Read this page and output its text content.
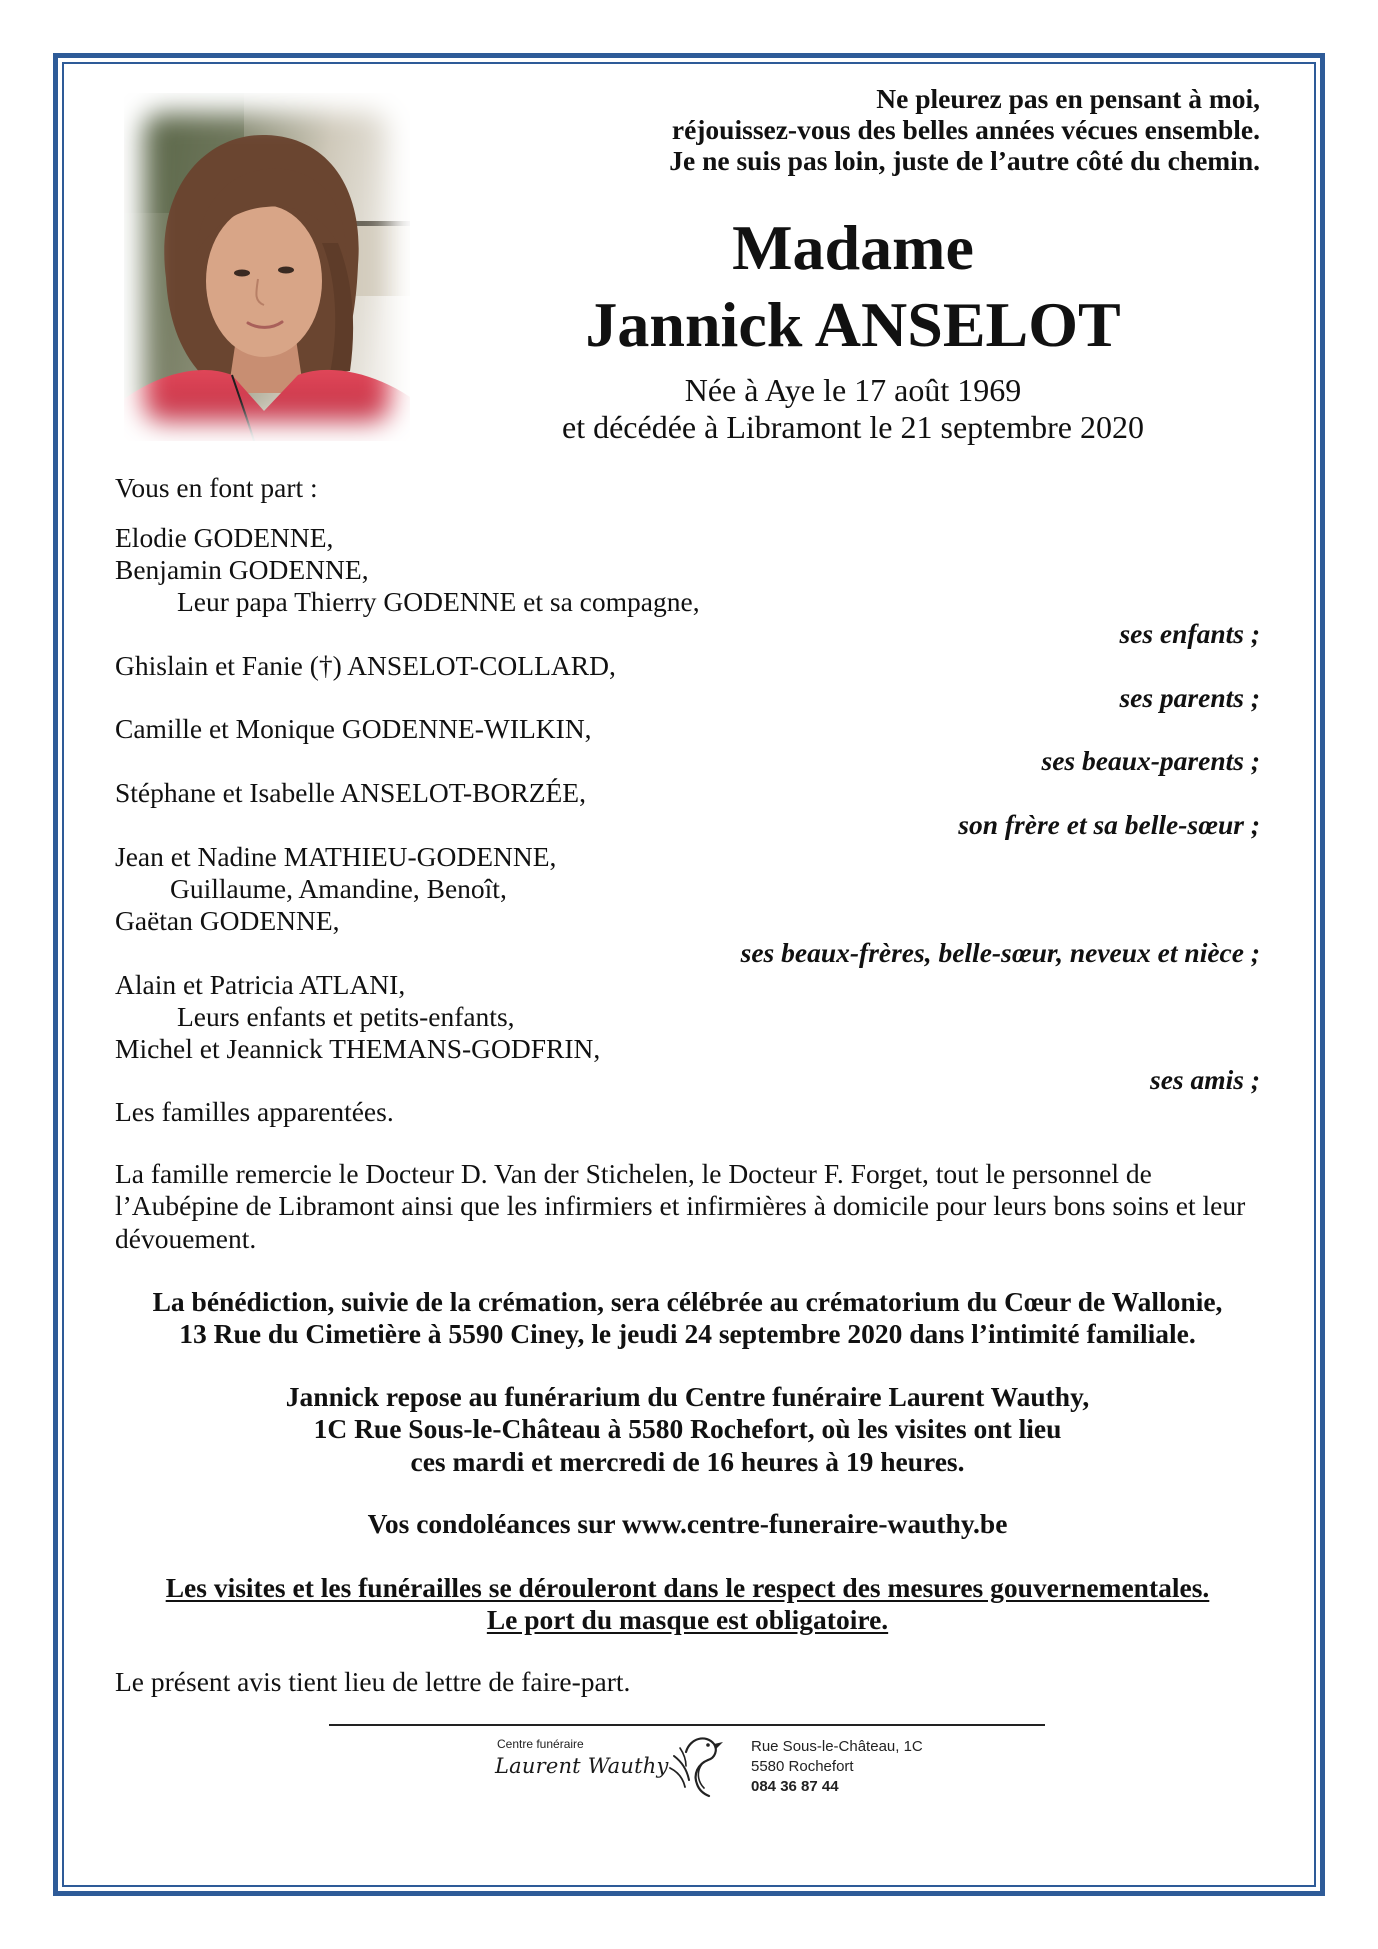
Ne pleurez pas en pensant à moi,
réjouissez-vous des belles années vécues ensemble.
Je ne suis pas loin, juste de l’autre côté du chemin.
Madame
Jannick ANSELOT
Née à Aye le 17 août 1969
et décédée à Libramont le 21 septembre 2020
Vous en font part :
Elodie GODENNE,
Benjamin GODENNE,
Leur papa Thierry GODENNE et sa compagne,
ses enfants ;
Ghislain et Fanie (†) ANSELOT-COLLARD,
ses parents ;
Camille et Monique GODENNE-WILKIN,
ses beaux-parents ;
Stéphane et Isabelle ANSELOT-BORZÉE,
son frère et sa belle-sœur ;
Jean et Nadine MATHIEU-GODENNE,
Guillaume, Amandine, Benoît,
Gaëtan GODENNE,
ses beaux-frères, belle-sœur, neveux et nièce ;
Alain et Patricia ATLANI,
Leurs enfants et petits-enfants,
Michel et Jeannick THEMANS-GODFRIN,
ses amis ;
Les familles apparentées.
La famille remercie le Docteur D. Van der Stichelen, le Docteur F. Forget, tout le personnel de
l’Aubépine de Libramont ainsi que les infirmiers et infirmières à domicile pour leurs bons soins et leur
dévouement.
La bénédiction, suivie de la crémation, sera célébrée au crématorium du Cœur de Wallonie,
13 Rue du Cimetière à 5590 Ciney, le jeudi 24 septembre 2020 dans l’intimité familiale.
Jannick repose au funérarium du Centre funéraire Laurent Wauthy,
1C Rue Sous-le-Château à 5580 Rochefort, où les visites ont lieu
ces mardi et mercredi de 16 heures à 19 heures.
Vos condoléances sur www.centre-funeraire-wauthy.be
Les visites et les funérailles se dérouleront dans le respect des mesures gouvernementales.
Le port du masque est obligatoire.
Le présent avis tient lieu de lettre de faire-part.
Centre funéraire
Laurent Wauthy
Rue Sous-le-Château, 1C
5580 Rochefort
084 36 87 44
